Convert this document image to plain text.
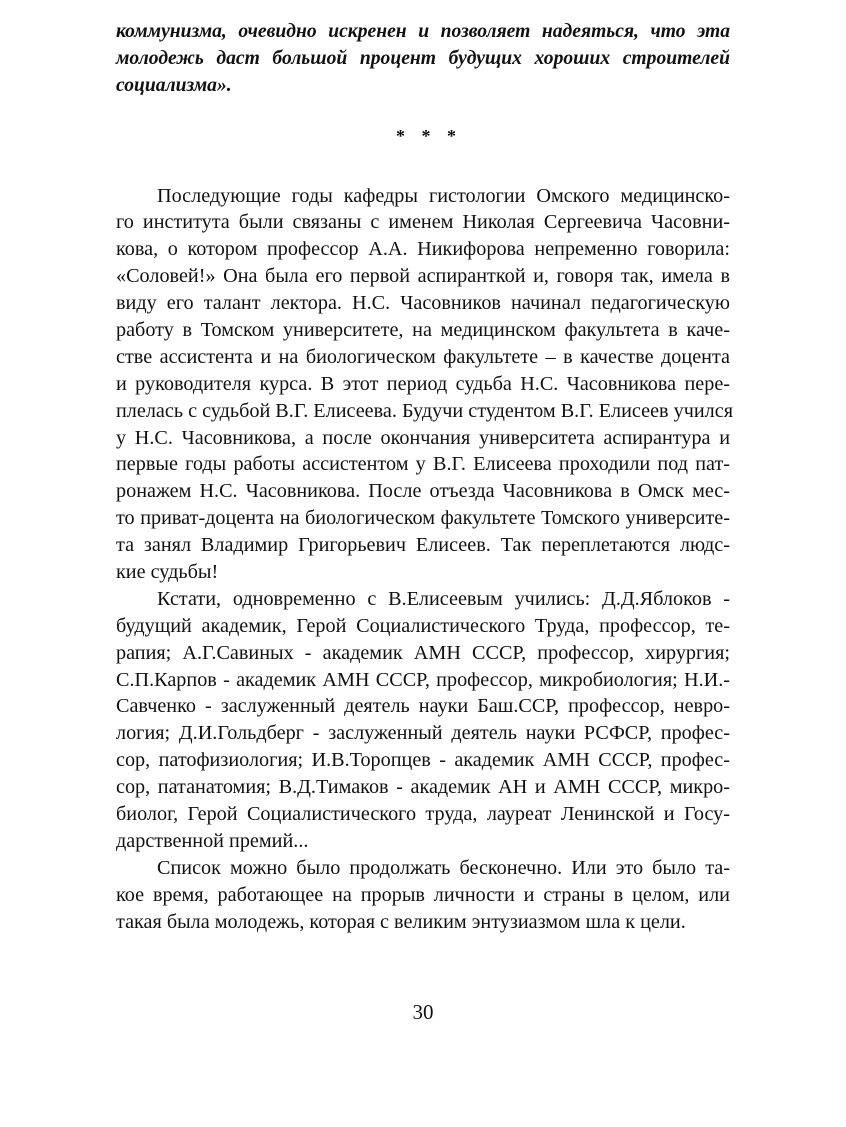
коммунизма, очевидно искренен и позволяет надеяться, что эта
молодежь даст большой процент будущих хороших строителей
социализма».
* * *
Последующие годы кафедры гистологии Омского медицинско-
го института были связаны с именем Николая Сергеевича Часовни-
кова, о котором профессор А.А. Никифорова непременно говорила:
«Соловей!» Она была его первой аспиранткой и, говоря так, имела в
виду его талант лектора. Н.С. Часовников начинал педагогическую
работу в Томском университете, на медицинском факультета в каче-
стве ассистента и на биологическом факультете – в качестве доцента
и руководителя курса. В этот период судьба Н.С. Часовникова пере-
плелась с судьбой В.Г. Елисеева. Будучи студентом В.Г. Елисеев учился
у Н.С. Часовникова, а после окончания университета аспирантура и
первые годы работы ассистентом у В.Г. Елисеева проходили под пат-
ронажем Н.С. Часовникова. После отъезда Часовникова в Омск мес-
то приват-доцента на биологическом факультете Томского университе-
та занял Владимир Григорьевич Елисеев. Так переплетаются людс-
кие судьбы!
Кстати, одновременно с В.Елисеевым учились: Д.Д.Яблоков -
будущий академик, Герой Социалистического Труда, профессор, те-
рапия; А.Г.Савиных - академик АМН СССР, профессор, хирургия;
С.П.Карпов - академик АМН СССР, профессор, микробиология; Н.И.-
Савченко - заслуженный деятель науки Баш.ССР, профессор, невро-
логия; Д.И.Гольдберг - заслуженный деятель науки РСФСР, профес-
сор, патофизиология; И.В.Торопцев - академик АМН СССР, профес-
сор, патанатомия; В.Д.Тимаков - академик АН и АМН СССР, микро-
биолог, Герой Социалистического труда, лауреат Ленинской и Госу-
дарственной премий...
Список можно было продолжать бесконечно. Или это было та-
кое время, работающее на прорыв личности и страны в целом, или
такая была молодежь, которая с великим энтузиазмом шла к цели.
30
